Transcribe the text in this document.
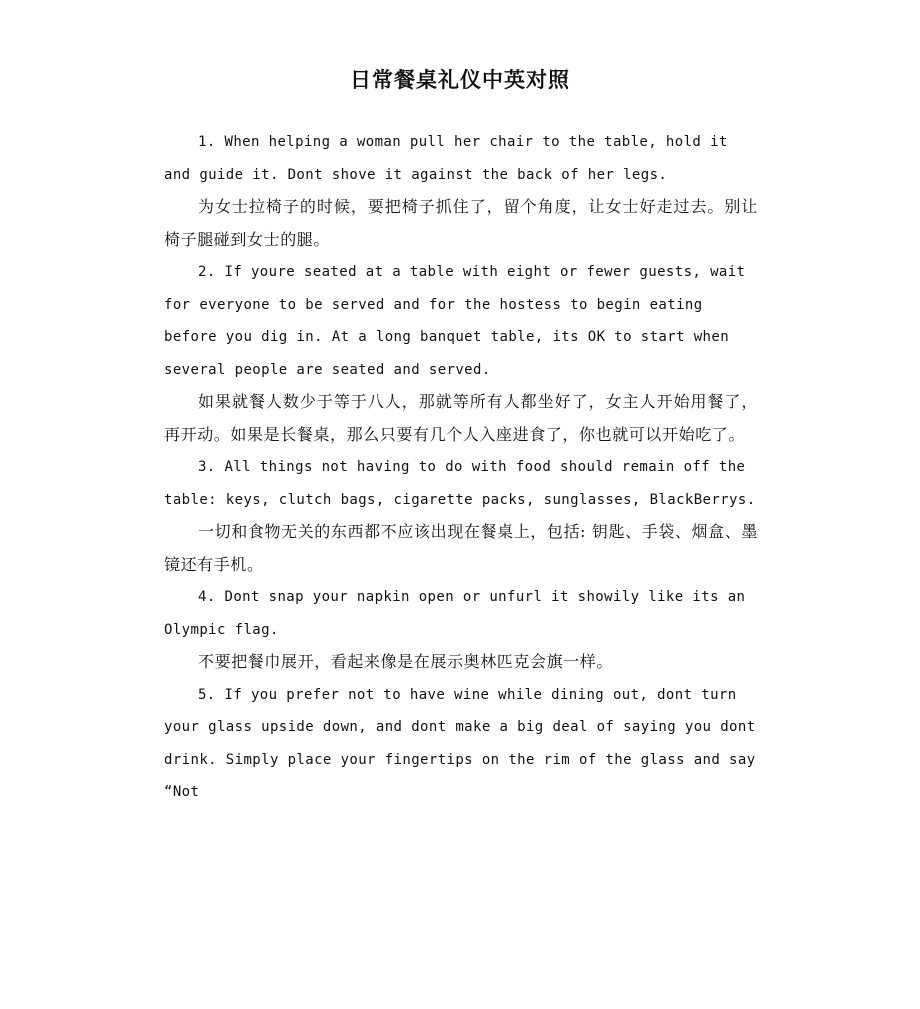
日常餐桌礼仪中英对照

1. When helping a woman pull her chair to the table, hold it and guide it. Dont shove it against the back of her legs.

为女士拉椅子的时候，要把椅子抓住了，留个角度，让女士好走过去。别让椅子腿碰到女士的腿。

2. If youre seated at a table with eight or fewer guests, wait for everyone to be served and for the hostess to begin eating before you dig in. At a long banquet table, its OK to start when several people are seated and served.

如果就餐人数少于等于八人，那就等所有人都坐好了，女主人开始用餐了，再开动。如果是长餐桌，那么只要有几个人入座进食了，你也就可以开始吃了。

3. All things not having to do with food should remain off the table: keys, clutch bags, cigarette packs, sunglasses, BlackBerrys.

一切和食物无关的东西都不应该出现在餐桌上，包括: 钥匙、手袋、烟盒、墨镜还有手机。

4. Dont snap your napkin open or unfurl it showily like its an Olympic flag.

不要把餐巾展开，看起来像是在展示奥林匹克会旗一样。

5. If you prefer not to have wine while dining out, dont turn your glass upside down, and dont make a big deal of saying you dont drink. Simply place your fingertips on the rim of the glass and say “Not
